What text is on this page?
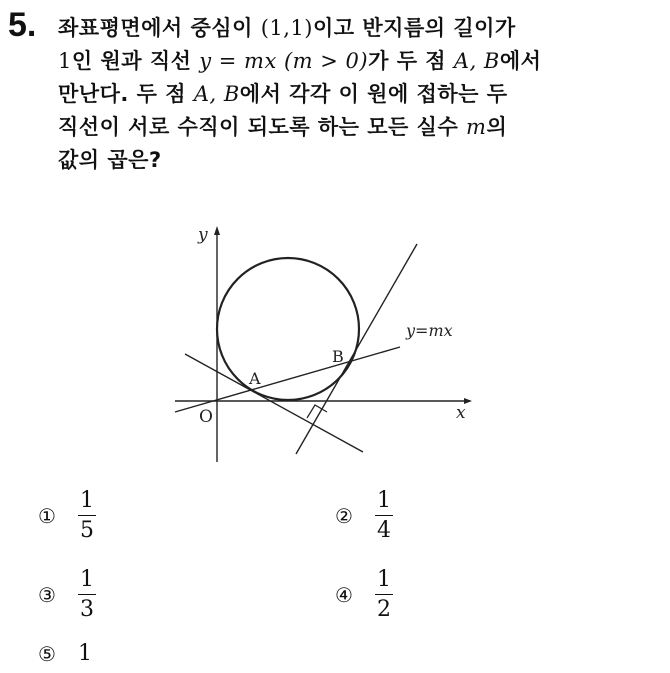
5. 좌표평면에서 중심이 (1,1)이고 반지름의 길이가
1인 원과 직선 y = mx (m > 0)가 두 점 A, B에서
만난다. 두 점 A, B에서 각각 이 원에 접하는 두
직선이 서로 수직이 되도록 하는 모든 실수 m의
값의 곱은?
y
x
O
A
B
y=mx
①	$\frac{1}{5}$	②	$\frac{1}{4}$
③	$\frac{1}{3}$	④	$\frac{1}{2}$
⑤	1
